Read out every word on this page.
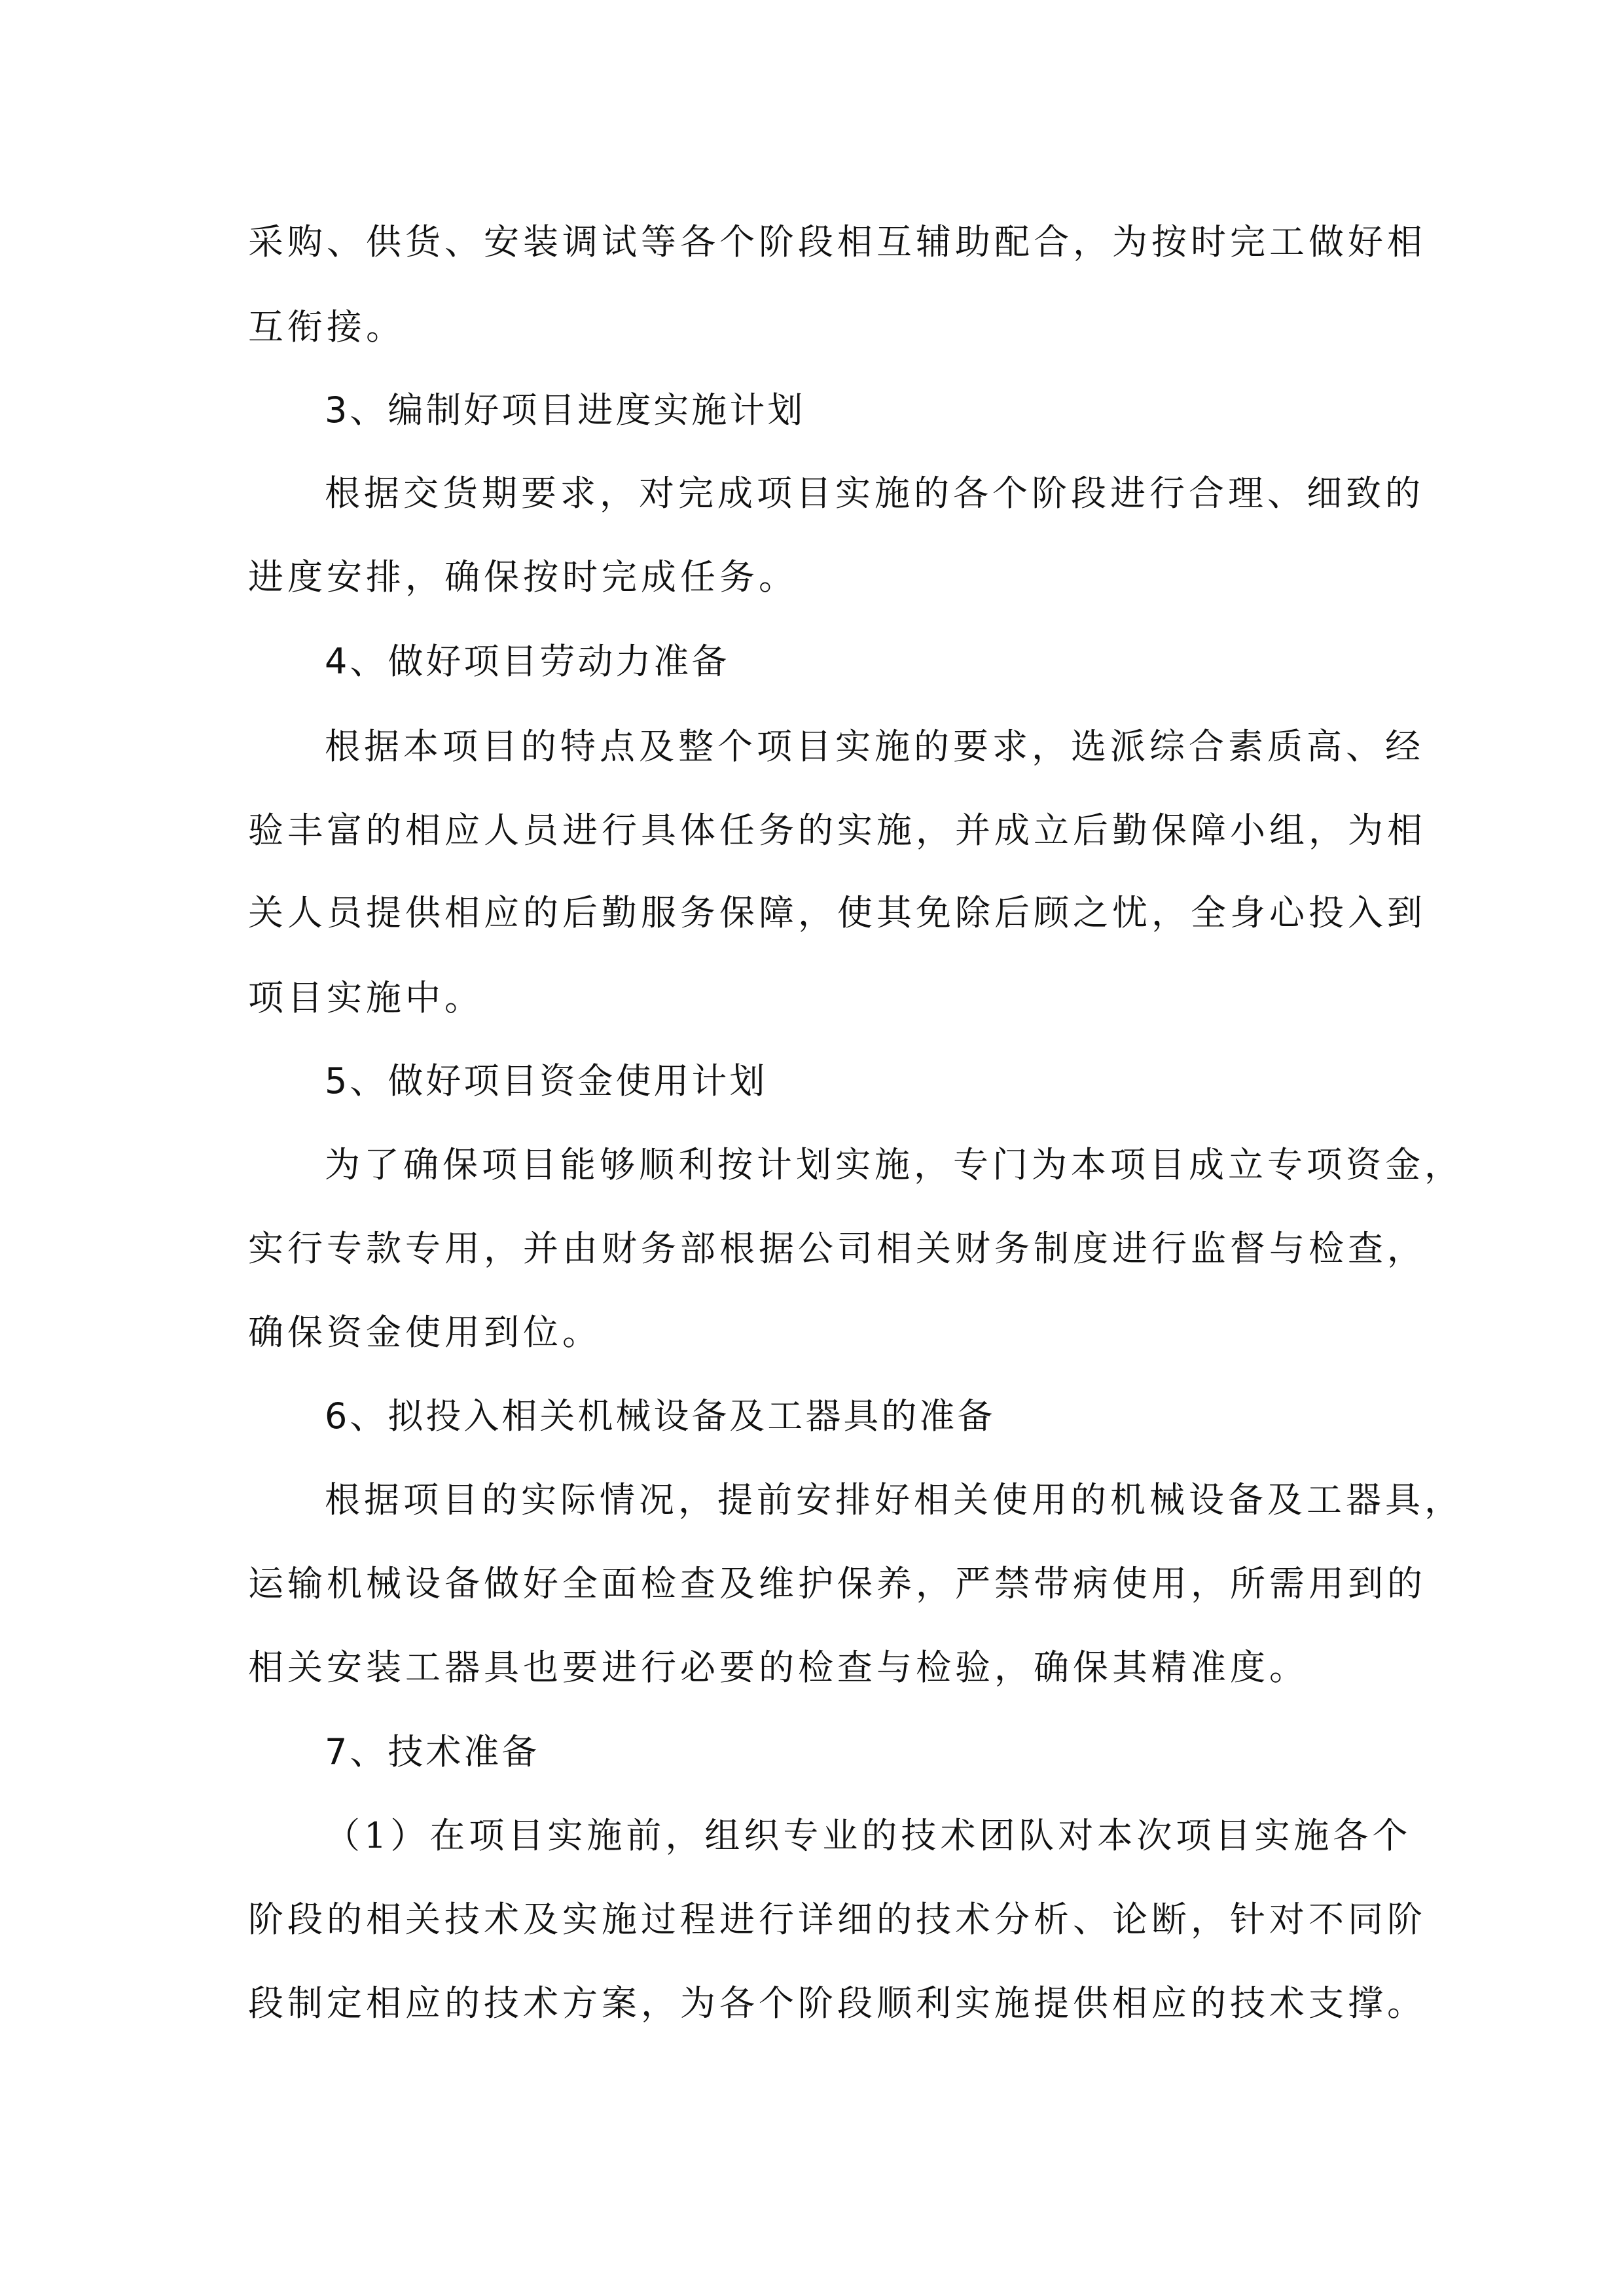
采购、供货、安装调试等各个阶段相互辅助配合，为按时完工做好相

互衔接。

3、编制好项目进度实施计划

根据交货期要求，对完成项目实施的各个阶段进行合理、细致的

进度安排，确保按时完成任务。

4、做好项目劳动力准备

根据本项目的特点及整个项目实施的要求，选派综合素质高、经

验丰富的相应人员进行具体任务的实施，并成立后勤保障小组，为相

关人员提供相应的后勤服务保障，使其免除后顾之忧，全身心投入到

项目实施中。

5、做好项目资金使用计划

为了确保项目能够顺利按计划实施，专门为本项目成立专项资金，

实行专款专用，并由财务部根据公司相关财务制度进行监督与检查，

确保资金使用到位。

6、拟投入相关机械设备及工器具的准备

根据项目的实际情况，提前安排好相关使用的机械设备及工器具，

运输机械设备做好全面检查及维护保养，严禁带病使用，所需用到的

相关安装工器具也要进行必要的检查与检验，确保其精准度。

7、技术准备

（1）在项目实施前，组织专业的技术团队对本次项目实施各个

阶段的相关技术及实施过程进行详细的技术分析、论断，针对不同阶

段制定相应的技术方案，为各个阶段顺利实施提供相应的技术支撑。
